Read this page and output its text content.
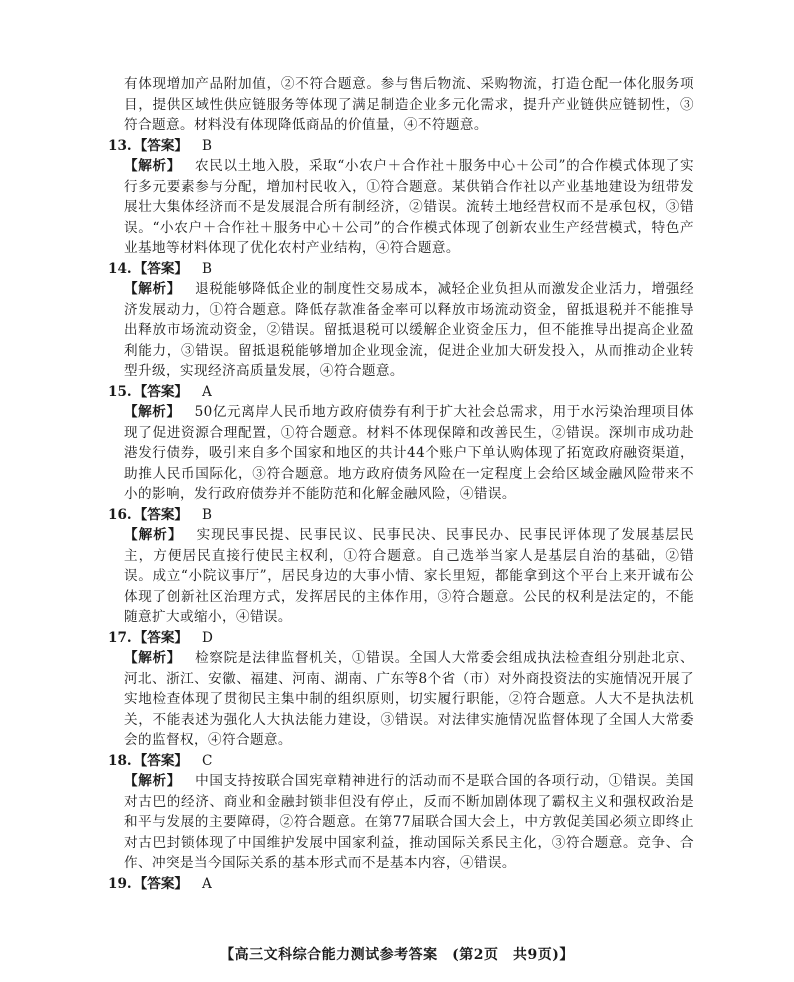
有体现增加产品附加值，②不符合题意。参与售后物流、采购物流，打造仓配一体化服务项目，提供区域性供应链服务等体现了满足制造企业多元化需求，提升产业链供应链韧性，③符合题意。材料没有体现降低商品的价值量，④不符题意。

13. 【答案】 B

【解析】 农民以土地入股，采取“小农户＋合作社＋服务中心＋公司”的合作模式体现了实行多元要素参与分配，增加村民收入，①符合题意。某供销合作社以产业基地建设为纽带发展壮大集体经济而不是发展混合所有制经济，②错误。流转土地经营权而不是承包权，③错误。“小农户＋合作社＋服务中心＋公司”的合作模式体现了创新农业生产经营模式，特色产业基地等材料体现了优化农村产业结构，④符合题意。

14. 【答案】 B

【解析】 退税能够降低企业的制度性交易成本，减轻企业负担从而激发企业活力，增强经济发展动力，①符合题意。降低存款准备金率可以释放市场流动资金，留抵退税并不能推导出释放市场流动资金，②错误。留抵退税可以缓解企业资金压力，但不能推导出提高企业盈利能力，③错误。留抵退税能够增加企业现金流，促进企业加大研发投入，从而推动企业转型升级，实现经济高质量发展，④符合题意。

15. 【答案】 A

【解析】 50亿元离岸人民币地方政府债券有利于扩大社会总需求，用于水污染治理项目体现了促进资源合理配置，①符合题意。材料不体现保障和改善民生，②错误。深圳市成功赴港发行债券，吸引来自多个国家和地区的共计44个账户下单认购体现了拓宽政府融资渠道，助推人民币国际化，③符合题意。地方政府债务风险在一定程度上会给区域金融风险带来不小的影响，发行政府债券并不能防范和化解金融风险，④错误。

16. 【答案】 B

【解析】 实现民事民提、民事民议、民事民决、民事民办、民事民评体现了发展基层民主，方便居民直接行使民主权利，①符合题意。自己选举当家人是基层自治的基础，②错误。成立“小院议事厅”，居民身边的大事小情、家长里短，都能拿到这个平台上来开诚布公体现了创新社区治理方式，发挥居民的主体作用，③符合题意。公民的权利是法定的，不能随意扩大或缩小，④错误。

17. 【答案】 D

【解析】 检察院是法律监督机关，①错误。全国人大常委会组成执法检查组分别赴北京、河北、浙江、安徽、福建、河南、湖南、广东等8个省（市）对外商投资法的实施情况开展了实地检查体现了贯彻民主集中制的组织原则，切实履行职能，②符合题意。人大不是执法机关，不能表述为强化人大执法能力建设，③错误。对法律实施情况监督体现了全国人大常委会的监督权，④符合题意。

18. 【答案】 C

【解析】 中国支持按联合国宪章精神进行的活动而不是联合国的各项行动，①错误。美国对古巴的经济、商业和金融封锁非但没有停止，反而不断加剧体现了霸权主义和强权政治是和平与发展的主要障碍，②符合题意。在第77届联合国大会上，中方敦促美国必须立即终止对古巴封锁体现了中国维护发展中国家利益，推动国际关系民主化，③符合题意。竞争、合作、冲突是当今国际关系的基本形式而不是基本内容，④错误。

19. 【答案】 A

【高三文科综合能力测试参考答案　(第2页　共9页)】
